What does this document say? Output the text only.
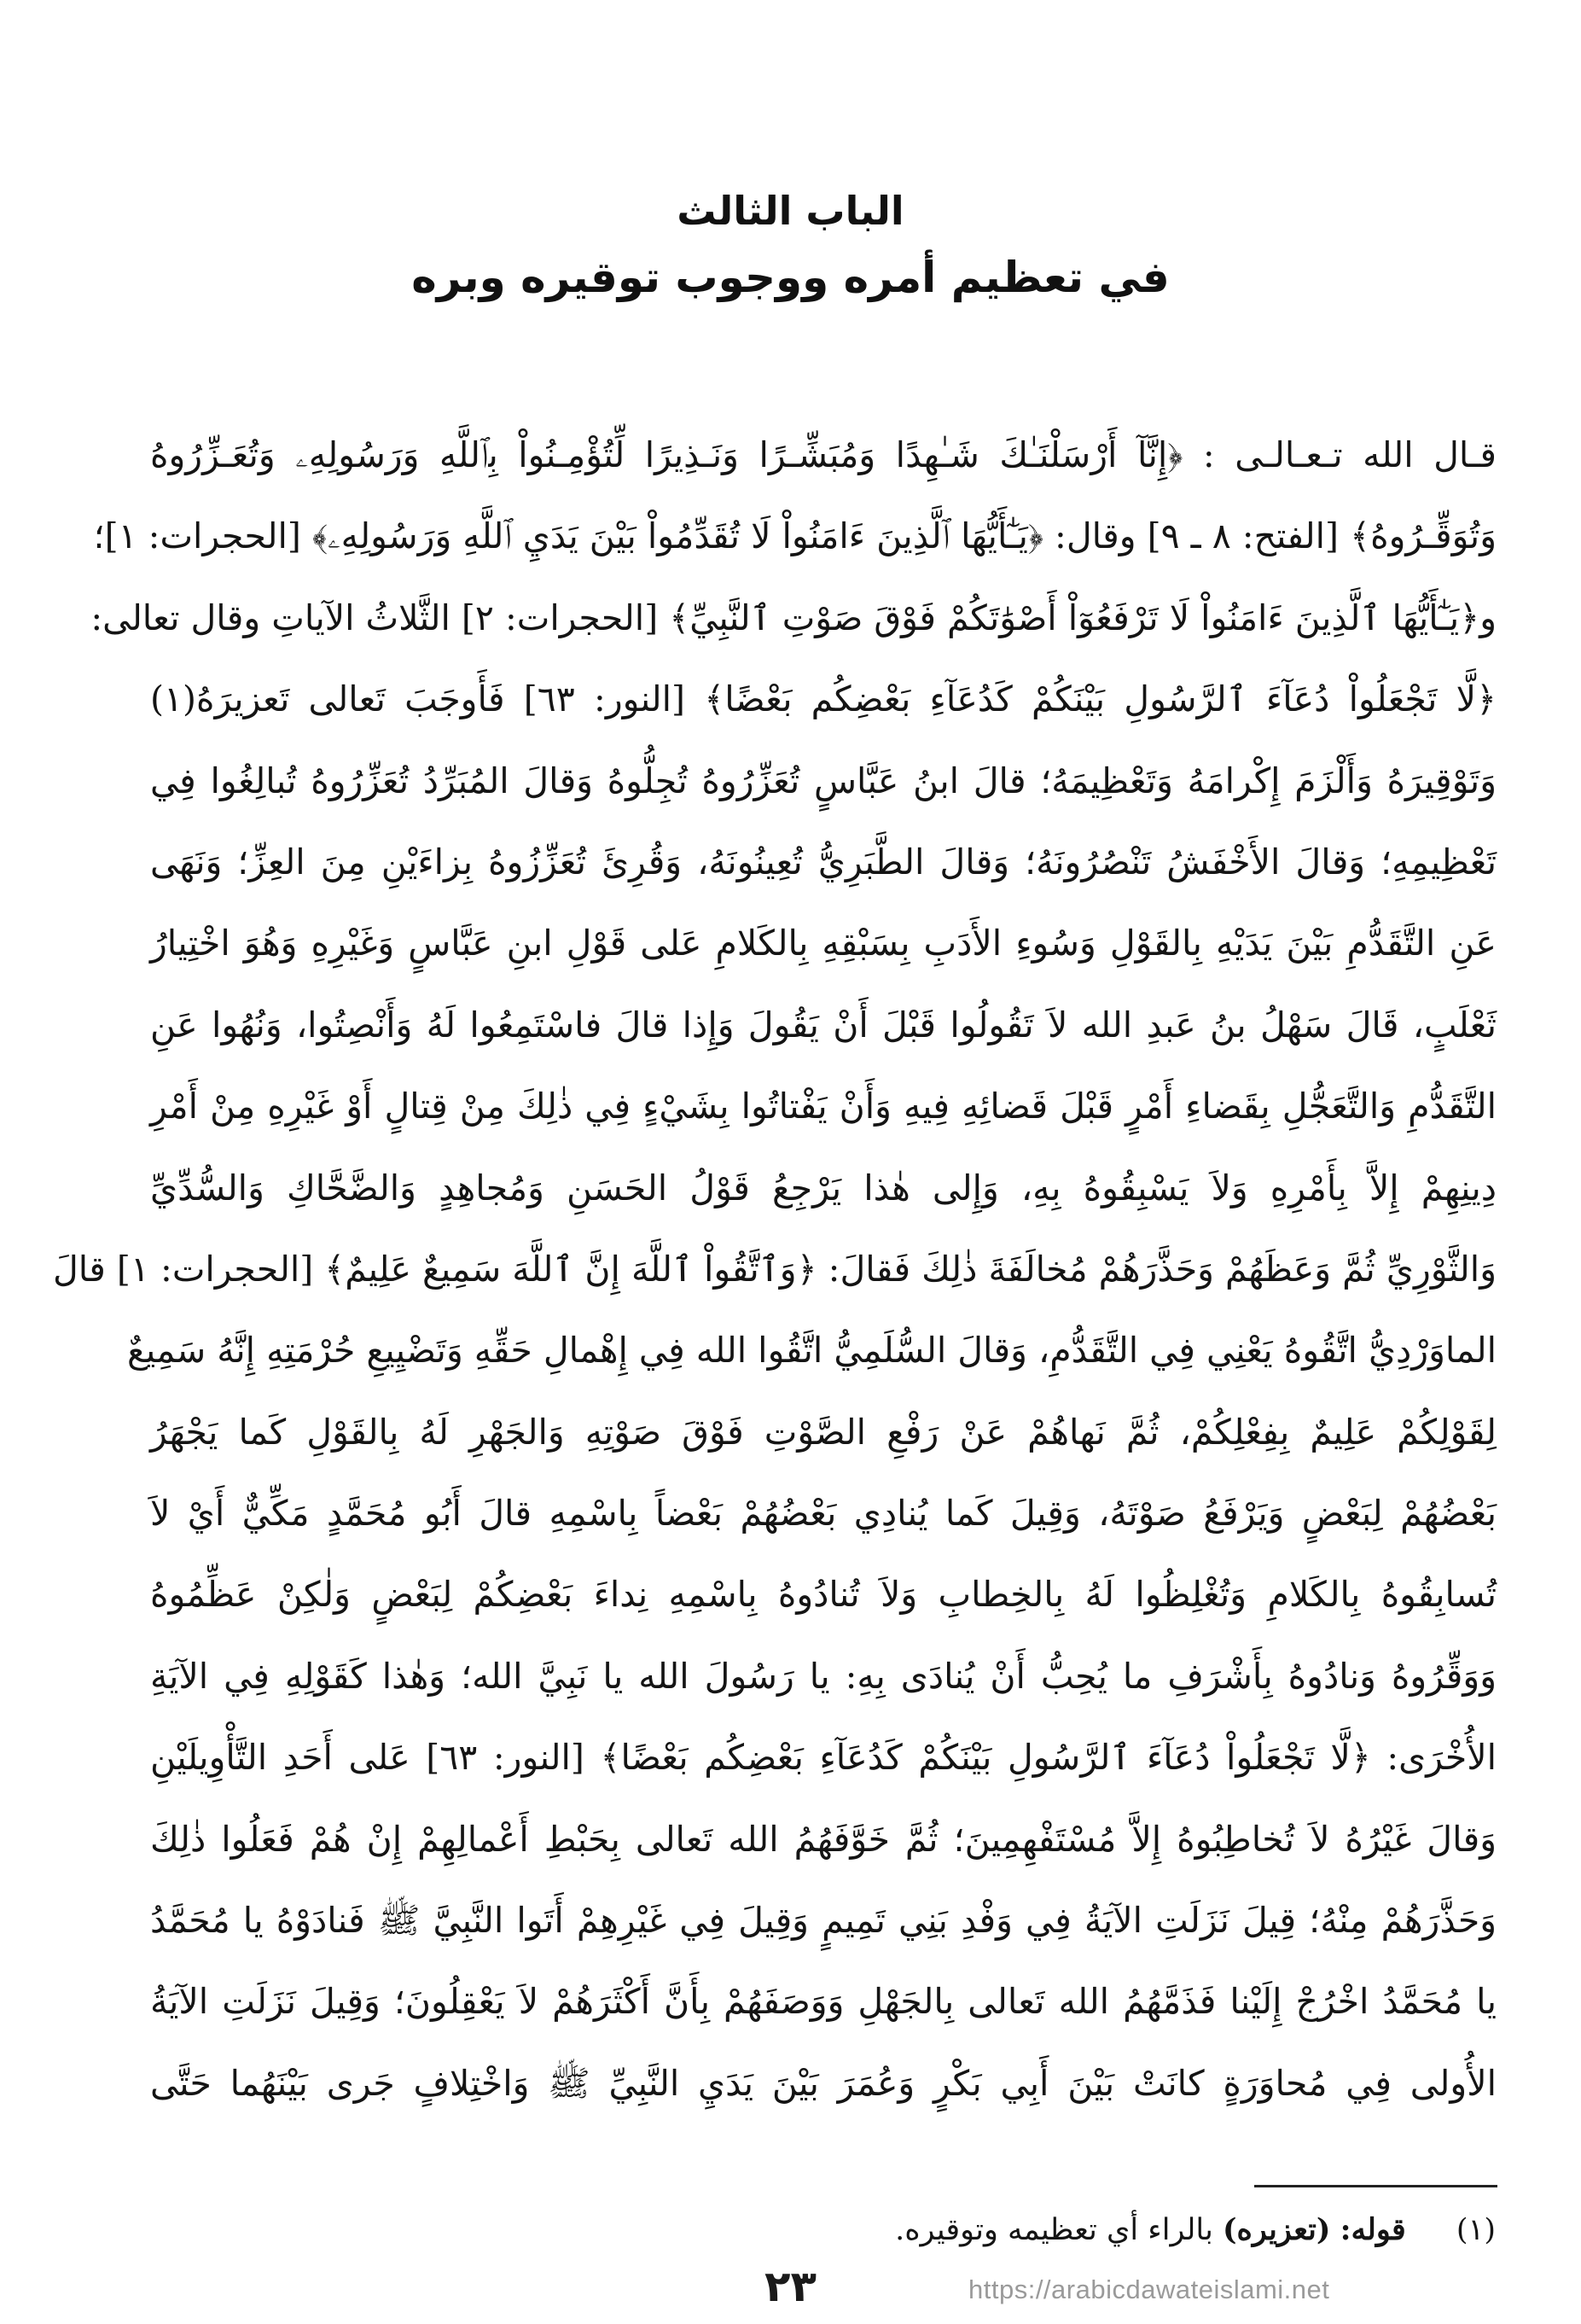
الباب الثالث
في تعظيم أمره ووجوب توقيره وبره
قـال الله تـعـالـى : ﴿إِنَّآ أَرْسَلْنَـٰكَ شَـٰهِدًا وَمُبَشِّـرًا وَنَـذِيرًا لِّتُؤْمِـنُواْ بِٱللَّهِ وَرَسُولِهِۦ وَتُعَـزِّرُوهُ
وَتُوَقِّـرُوهُ﴾ [الفتح: ٨ ـ ٩] وقال: ﴿يَـٰٓأَيُّهَا ٱلَّذِينَ ءَامَنُواْ لَا تُقَدِّمُواْ بَيْنَ يَدَيِ ٱللَّهِ وَرَسُولِهِۦ﴾ [الحجرات: ١]؛
و﴿يَـٰٓأَيُّهَا ٱلَّذِينَ ءَامَنُواْ لَا تَرْفَعُوٓاْ أَصْوَٰتَكُمْ فَوْقَ صَوْتِ ٱلنَّبِيِّ﴾ [الحجرات: ٢] الثَّلاثُ الآياتِ وقال تعالى:
﴿لَّا تَجْعَلُواْ دُعَآءَ ٱلرَّسُولِ بَيْنَكُمْ كَدُعَآءِ بَعْضِكُم بَعْضًا﴾ [النور: ٦٣] فَأَوجَبَ تَعالى تَعزيرَهُ(١)
وَتَوْقِيرَهُ وَأَلْزَمَ إِكْرامَهُ وَتَعْظِيمَهُ؛ قالَ ابنُ عَبَّاسٍ تُعَزِّرُوهُ تُجِلُّوهُ وَقالَ المُبَرِّدُ تُعَزِّرُوهُ تُبالِغُوا فِي
تَعْظِيمِهِ؛ وَقالَ الأَخْفَشُ تَنْصُرُونَهُ؛ وَقالَ الطَّبَرِيُّ تُعِينُونَهُ، وَقُرِئَ تُعَزِّزُوهُ بِزاءَيْنِ مِنَ العِزِّ؛ وَنَهَى
عَنِ التَّقَدُّمِ بَيْنَ يَدَيْهِ بِالقَوْلِ وَسُوءِ الأَدَبِ بِسَبْقِهِ بِالكَلامِ عَلى قَوْلِ ابنِ عَبَّاسٍ وَغَيْرِهِ وَهُوَ اخْتِيارُ
ثَعْلَبٍ، قَالَ سَهْلُ بنُ عَبدِ الله لاَ تَقُولُوا قَبْلَ أَنْ يَقُولَ وَإِذا قالَ فاسْتَمِعُوا لَهُ وَأَنْصِتُوا، وَنُهُوا عَنِ
التَّقَدُّمِ وَالتَّعَجُّلِ بِقَضاءِ أَمْرٍ قَبْلَ قَضائِهِ فِيهِ وَأَنْ يَفْتاتُوا بِشَيْءٍ فِي ذٰلِكَ مِنْ قِتالٍ أَوْ غَيْرِهِ مِنْ أَمْرِ
دِينِهِمْ إِلاَّ بِأَمْرِهِ وَلاَ يَسْبِقُوهُ بِهِ، وَإِلى هٰذا يَرْجِعُ قَوْلُ الحَسَنِ وَمُجاهِدٍ وَالضَّحَّاكِ وَالسُّدِّيِّ
وَالثَّوْرِيِّ ثُمَّ وَعَظَهُمْ وَحَذَّرَهُمْ مُخالَفَةَ ذٰلِكَ فَقالَ: ﴿وَٱتَّقُواْ ٱللَّهَ إِنَّ ٱللَّهَ سَمِيعٌ عَلِيمٌ﴾ [الحجرات: ١] قالَ
الماوَرْدِيُّ اتَّقُوهُ يَعْنِي فِي التَّقَدُّمِ، وَقالَ السُّلَمِيُّ اتَّقُوا الله فِي إِهْمالِ حَقِّهِ وَتَضْيِيعِ حُرْمَتِهِ إِنَّهُ سَمِيعٌ
لِقَوْلِكُمْ عَلِيمٌ بِفِعْلِكُمْ، ثُمَّ نَهاهُمْ عَنْ رَفْعِ الصَّوْتِ فَوْقَ صَوْتِهِ وَالجَهْرِ لَهُ بِالقَوْلِ كَما يَجْهَرُ
بَعْضُهُمْ لِبَعْضٍ وَيَرْفَعُ صَوْتَهُ، وَقِيلَ كَما يُنادِي بَعْضُهُمْ بَعْضاً بِاسْمِهِ قالَ أَبُو مُحَمَّدٍ مَكِّيٌّ أَيْ لاَ
تُسابِقُوهُ بِالكَلامِ وَتُغْلِظُوا لَهُ بِالخِطابِ وَلاَ تُنادُوهُ بِاسْمِهِ نِداءَ بَعْضِكُمْ لِبَعْضٍ وَلٰكِنْ عَظِّمُوهُ
وَوَقِّرُوهُ وَنادُوهُ بِأَشْرَفِ ما يُحِبُّ أَنْ يُنادَى بِهِ: يا رَسُولَ الله يا نَبِيَّ الله؛ وَهٰذا كَقَوْلِهِ فِي الآيَةِ
الأُخْرَى: ﴿لَّا تَجْعَلُواْ دُعَآءَ ٱلرَّسُولِ بَيْنَكُمْ كَدُعَآءِ بَعْضِكُم بَعْضًا﴾ [النور: ٦٣] عَلى أَحَدِ التَّأْوِيلَيْنِ
وَقالَ غَيْرُهُ لاَ تُخاطِبُوهُ إِلاَّ مُسْتَفْهِمِينَ؛ ثُمَّ خَوَّفَهُمُ الله تَعالى بِحَبْطِ أَعْمالِهِمْ إِنْ هُمْ فَعَلُوا ذٰلِكَ
وَحَذَّرَهُمْ مِنْهُ؛ قِيلَ نَزَلَتِ الآيَةُ فِي وَفْدِ بَنِي تَمِيمٍ وَقِيلَ فِي غَيْرِهِمْ أَتَوا النَّبِيَّ ﷺ فَنادَوْهُ يا مُحَمَّدُ
يا مُحَمَّدُ اخْرُجْ إِلَيْنا فَذَمَّهُمُ الله تَعالى بِالجَهْلِ وَوَصَفَهُمْ بِأَنَّ أَكْثَرَهُمْ لاَ يَعْقِلُونَ؛ وَقِيلَ نَزَلَتِ الآيَةُ
الأُولى فِي مُحاوَرَةٍ كانَتْ بَيْنَ أَبِي بَكْرٍ وَعُمَرَ بَيْنَ يَدَيِ النَّبِيِّ ﷺ وَاخْتِلافٍ جَرى بَيْنَهُما حَتَّى
(١) قوله: (تعزيره) بالراء أي تعظيمه وتوقيره.
٢٣	https://arabicdawateislami.net
